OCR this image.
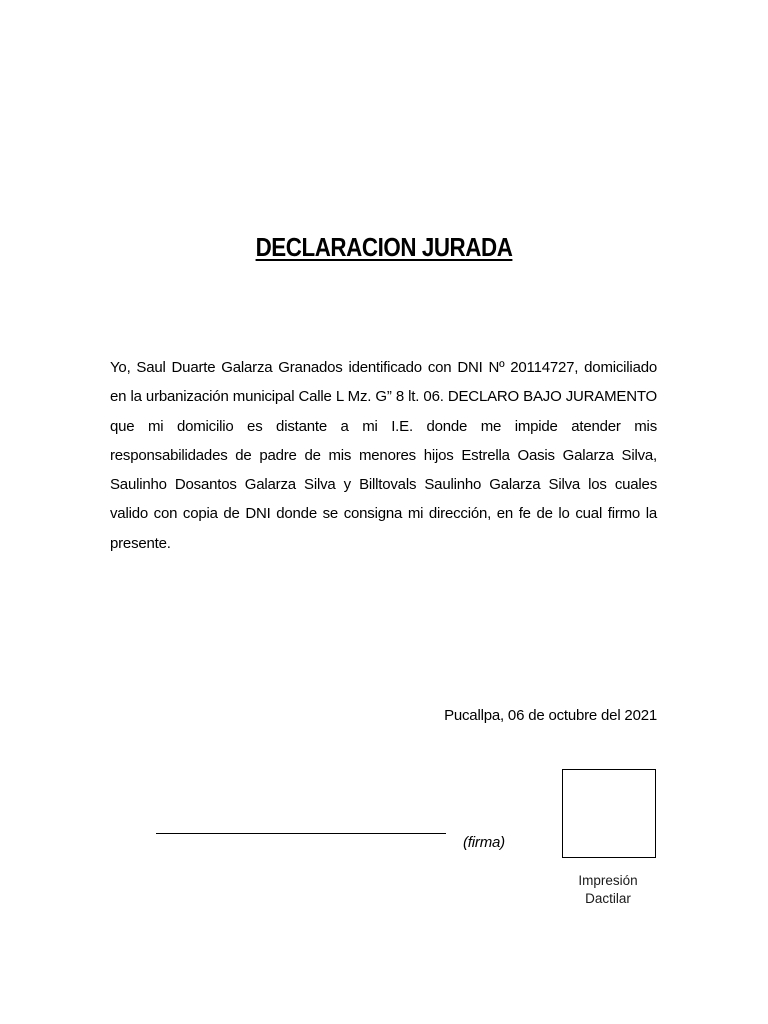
DECLARACION JURADA
Yo, Saul Duarte Galarza Granados identificado con DNI Nº 20114727, domiciliado en la urbanización municipal Calle L Mz. G” 8 lt. 06. DECLARO BAJO JURAMENTO que mi domicilio es distante a mi I.E. donde me impide atender mis responsabilidades de padre de mis menores hijos Estrella Oasis Galarza Silva, Saulinho Dosantos Galarza Silva y Billtovals Saulinho Galarza Silva los cuales valido con copia de DNI donde se consigna mi dirección, en fe de lo cual firmo la presente.
Pucallpa, 06 de octubre del 2021
(firma)
Impresión
Dactilar
